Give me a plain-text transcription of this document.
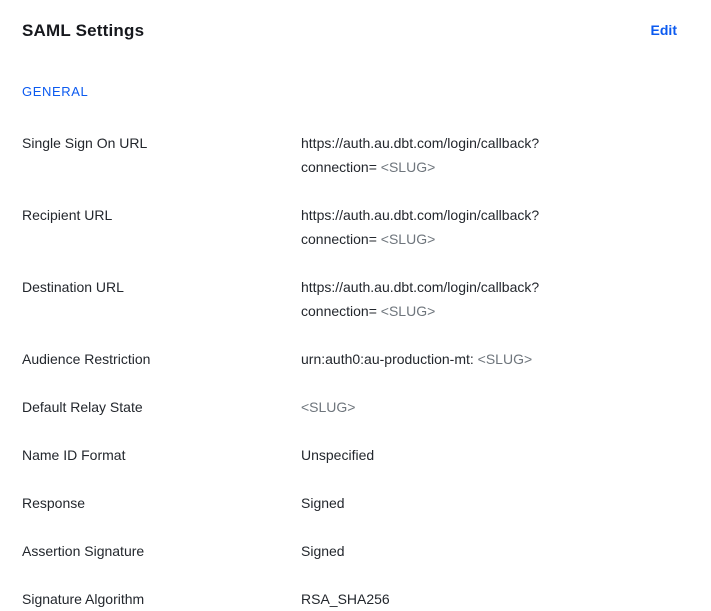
SAML Settings	Edit
GENERAL
Single Sign On URL	https://auth.au.dbt.com/login/callback?
connection= <SLUG>
Recipient URL	https://auth.au.dbt.com/login/callback?
connection= <SLUG>
Destination URL	https://auth.au.dbt.com/login/callback?
connection= <SLUG>
Audience Restriction	urn:auth0:au-production-mt: <SLUG>
Default Relay State	<SLUG>
Name ID Format	Unspecified
Response	Signed
Assertion Signature	Signed
Signature Algorithm	RSA_SHA256
